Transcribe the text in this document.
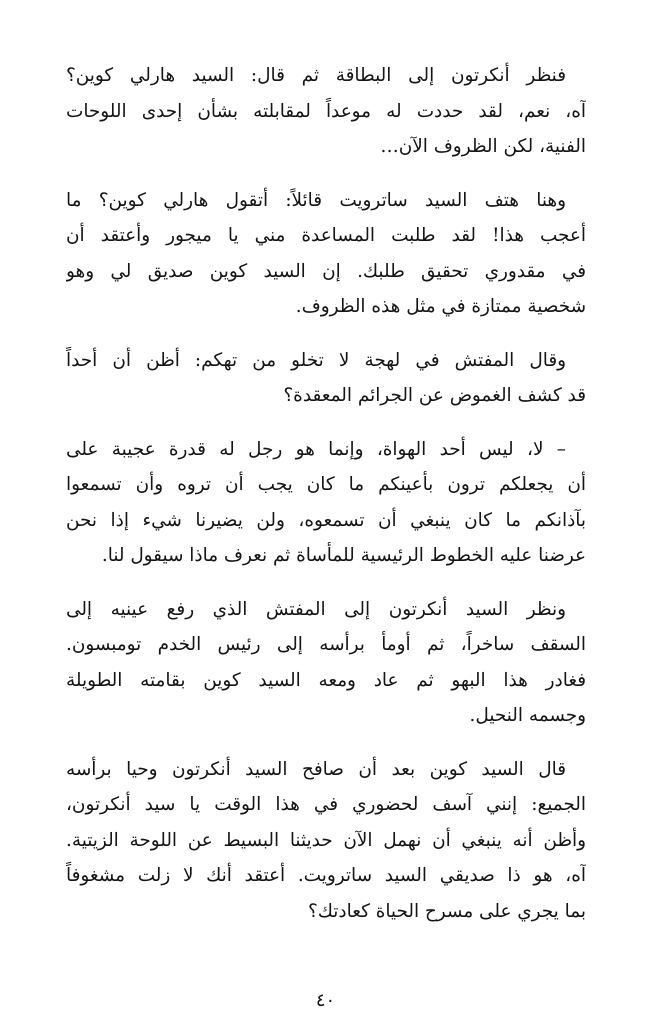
فنظر أنكرتون إلى البطاقة ثم قال: السيد هارلي كوين؟
آه، نعم، لقد حددت له موعداً لمقابلته بشأن إحدى اللوحات
الفنية، لكن الظروف الآن…
وهنا هتف السيد ساترويت قائلاً: أتقول هارلي كوين؟ ما
أعجب هذا! لقد طلبت المساعدة مني يا ميجور وأعتقد أن
في مقدوري تحقيق طلبك. إن السيد كوين صديق لي وهو
شخصية ممتازة في مثل هذه الظروف.
وقال المفتش في لهجة لا تخلو من تهكم: أظن أن أحداً
قد كشف الغموض عن الجرائم المعقدة؟
– لا، ليس أحد الهواة، وإنما هو رجل له قدرة عجيبة على
أن يجعلكم ترون بأعينكم ما كان يجب أن تروه وأن تسمعوا
بآذانكم ما كان ينبغي أن تسمعوه، ولن يضيرنا شيء إذا نحن
عرضنا عليه الخطوط الرئيسية للمأساة ثم نعرف ماذا سيقول لنا.
ونظر السيد أنكرتون إلى المفتش الذي رفع عينيه إلى
السقف ساخراً، ثم أومأ برأسه إلى رئيس الخدم تومبسون.
فغادر هذا البهو ثم عاد ومعه السيد كوين بقامته الطويلة
وجسمه النحيل.
قال السيد كوين بعد أن صافح السيد أنكرتون وحيا برأسه
الجميع: إنني آسف لحضوري في هذا الوقت يا سيد أنكرتون،
وأظن أنه ينبغي أن نهمل الآن حديثنا البسيط عن اللوحة الزيتية.
آه، هو ذا صديقي السيد ساترويت. أعتقد أنك لا زلت مشغوفاً
بما يجري على مسرح الحياة كعادتك؟
٤٠
